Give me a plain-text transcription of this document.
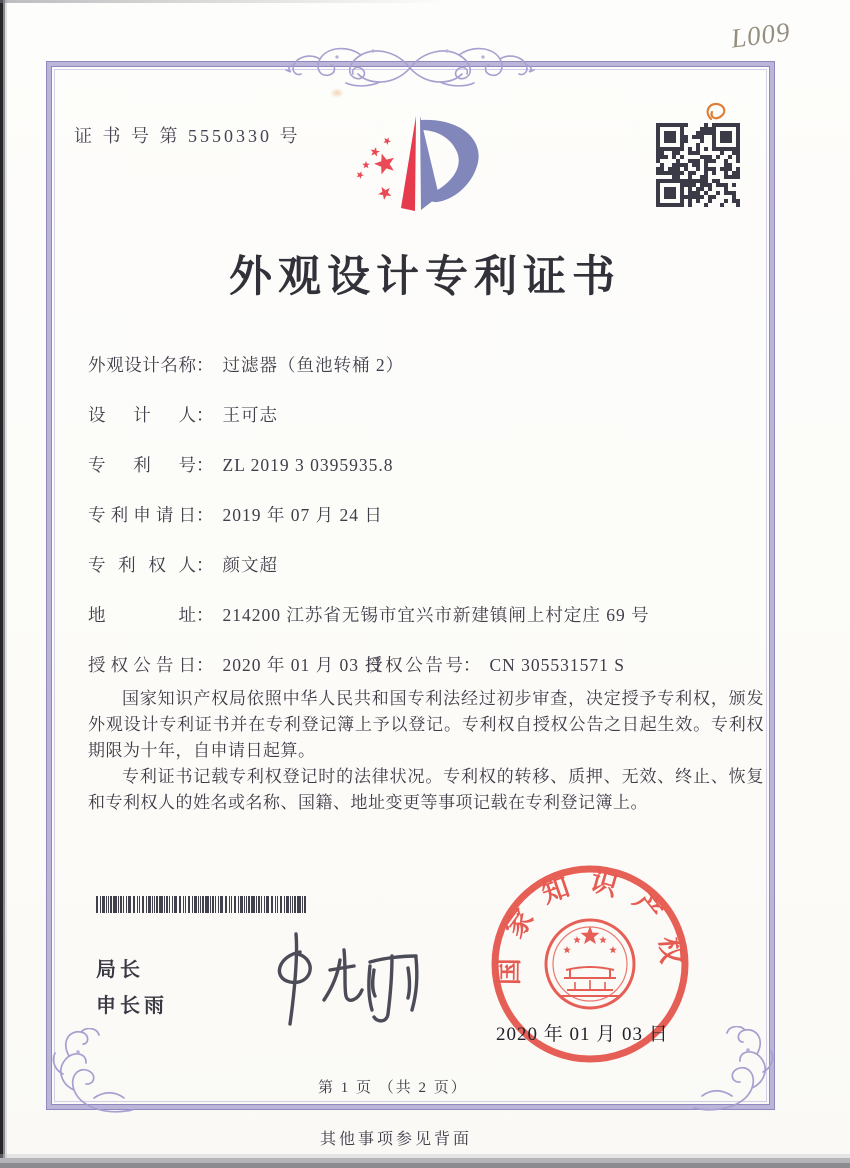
证 书 号 第 5550330 号
L009
外观设计专利证书
外观设计名称： 过滤器（鱼池转桶 2）
设计人： 王可志
专利号： ZL 2019 3 0395935.8
专利申请日： 2019 年 07 月 24 日
专利权人： 颜文超
地址： 214200 江苏省无锡市宜兴市新建镇闸上村定庄 69 号
授权公告日： 2020 年 01 月 03 日
授权公告号： CN 305531571 S

国家知识产权局依照中华人民共和国专利法经过初步审查，决定授予专利权，颁发外观设计专利证书并在专利登记簿上予以登记。专利权自授权公告之日起生效。专利权期限为十年，自申请日起算。

专利证书记载专利权登记时的法律状况。专利权的转移、质押、无效、终止、恢复和专利权人的姓名或名称、国籍、地址变更等事项记载在专利登记簿上。

局长
申长雨
国家知识产权
2020 年 01 月 03 日
第 1 页 （共 2 页）
其他事项参见背面
